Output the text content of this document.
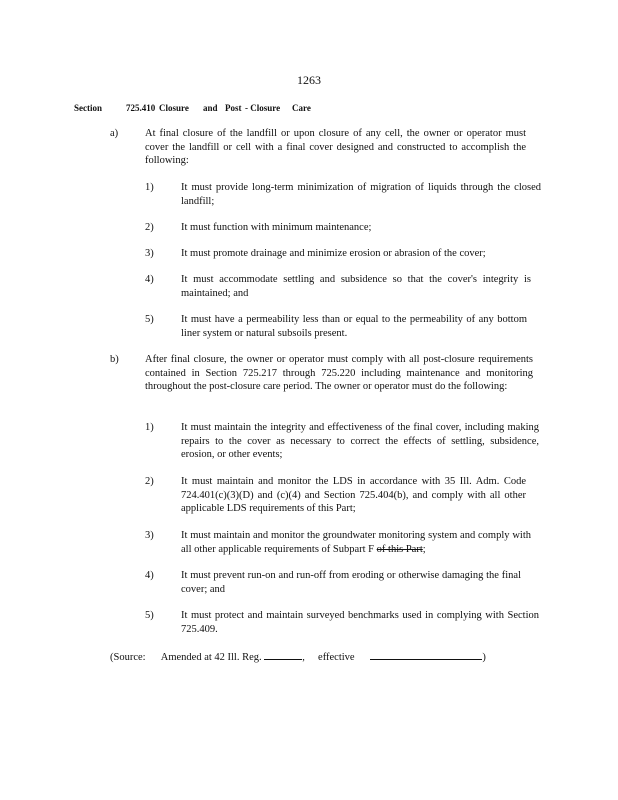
1263
Section	725.410 Closure and Post - Closure Care
a)	At final closure of the landfill or upon closure of any cell, the owner or operator must cover the landfill or cell with a final cover designed and constructed to accomplish the following:
1)	It must provide long-term minimization of migration of liquids through the closed landfill;
2)	It must function with minimum maintenance;
3)	It must promote drainage and minimize erosion or abrasion of the cover;
4)	It must accommodate settling and subsidence so that the cover's integrity is maintained; and
5)	It must have a permeability less than or equal to the permeability of any bottom liner system or natural subsoils present.
b)	After final closure, the owner or operator must comply with all post-closure requirements contained in Section 725.217 through 725.220 including maintenance and monitoring throughout the post-closure care period. The owner or operator must do the following:
1)	It must maintain the integrity and effectiveness of the final cover, including making repairs to the cover as necessary to correct the effects of settling, subsidence, erosion, or other events;
2)	It must maintain and monitor the LDS in accordance with 35 Ill. Adm. Code 724.401(c)(3)(D) and (c)(4) and Section 725.404(b), and comply with all other applicable LDS requirements of this Part;
3)	It must maintain and monitor the groundwater monitoring system and comply with all other applicable requirements of Subpart F of this Part;
4)	It must prevent run-on and run-off from eroding or otherwise damaging the final cover; and
5)	It must protect and maintain surveyed benchmarks used in complying with Section 725.409.
(Source: Amended at 42 Ill. Reg.	,     effective	)
